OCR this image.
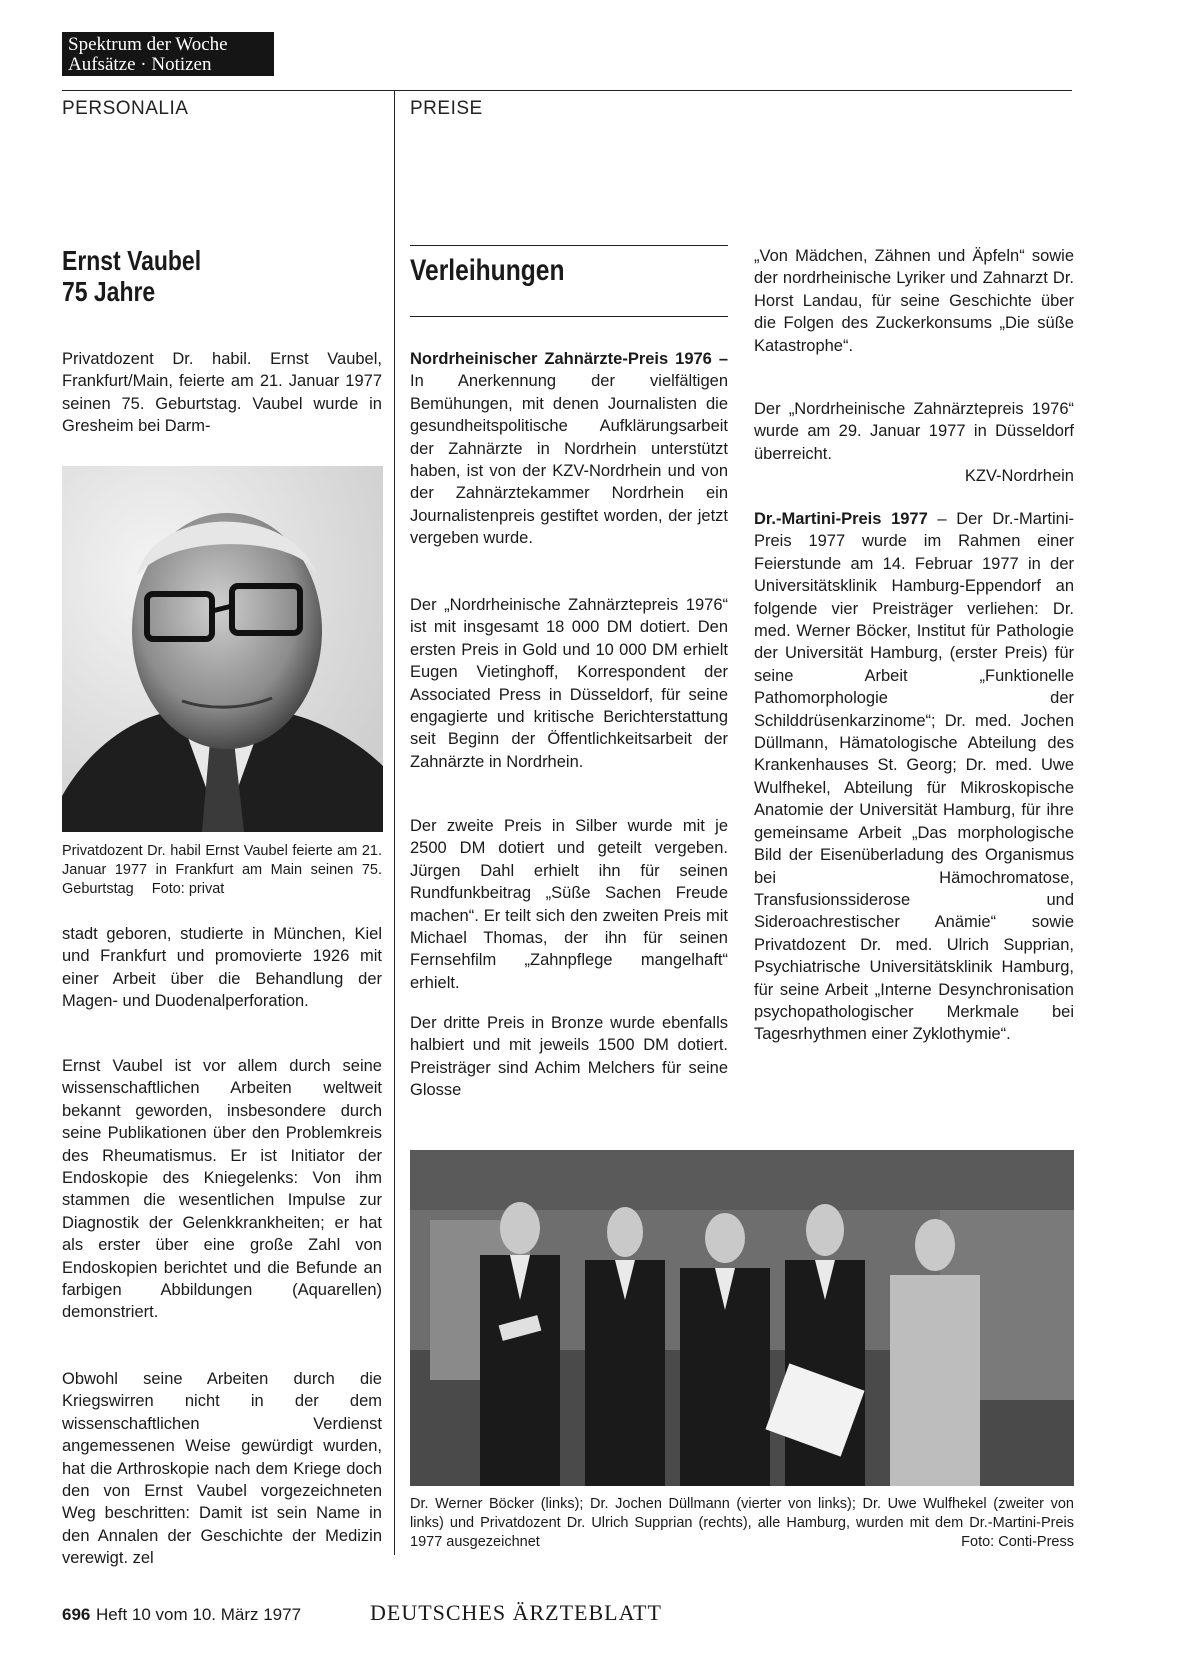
Spektrum der Woche
Aufsätze · Notizen
PERSONALIA	PREISE
Ernst Vaubel
75 Jahre
Privatdozent Dr. habil. Ernst Vaubel, Frankfurt/Main, feierte am 21. Januar 1977 seinen 75. Geburtstag. Vaubel wurde in Gresheim bei Darm-
Privatdozent Dr. habil Ernst Vaubel feierte am 21. Januar 1977 in Frankfurt am Main seinen 75. Geburtstag Foto: privat
stadt geboren, studierte in München, Kiel und Frankfurt und promovierte 1926 mit einer Arbeit über die Behandlung der Magen- und Duodenalperforation.
Ernst Vaubel ist vor allem durch seine wissenschaftlichen Arbeiten weltweit bekannt geworden, insbesondere durch seine Publikationen über den Problemkreis des Rheumatismus. Er ist Initiator der Endoskopie des Kniegelenks: Von ihm stammen die wesentlichen Impulse zur Diagnostik der Gelenkkrankheiten; er hat als erster über eine große Zahl von Endoskopien berichtet und die Befunde an farbigen Abbildungen (Aquarellen) demonstriert.
Obwohl seine Arbeiten durch die Kriegswirren nicht in der dem wissenschaftlichen Verdienst angemessenen Weise gewürdigt wurden, hat die Arthroskopie nach dem Kriege doch den von Ernst Vaubel vorgezeichneten Weg beschritten: Damit ist sein Name in den Annalen der Geschichte der Medizin verewigt. zel
Verleihungen
Nordrheinischer Zahnärzte-Preis 1976 – In Anerkennung der vielfältigen Bemühungen, mit denen Journalisten die gesundheitspolitische Aufklärungsarbeit der Zahnärzte in Nordrhein unterstützt haben, ist von der KZV-Nordrhein und von der Zahnärztekammer Nordrhein ein Journalistenpreis gestiftet worden, der jetzt vergeben wurde.
Der „Nordrheinische Zahnärztepreis 1976“ ist mit insgesamt 18 000 DM dotiert. Den ersten Preis in Gold und 10 000 DM erhielt Eugen Vietinghoff, Korrespondent der Associated Press in Düsseldorf, für seine engagierte und kritische Berichterstattung seit Beginn der Öffentlichkeitsarbeit der Zahnärzte in Nordrhein.
Der zweite Preis in Silber wurde mit je 2500 DM dotiert und geteilt vergeben. Jürgen Dahl erhielt ihn für seinen Rundfunkbeitrag „Süße Sachen Freude machen“. Er teilt sich den zweiten Preis mit Michael Thomas, der ihn für seinen Fernsehfilm „Zahnpflege mangelhaft“ erhielt.
Der dritte Preis in Bronze wurde ebenfalls halbiert und mit jeweils 1500 DM dotiert. Preisträger sind Achim Melchers für seine Glosse
„Von Mädchen, Zähnen und Äpfeln“ sowie der nordrheinische Lyriker und Zahnarzt Dr. Horst Landau, für seine Geschichte über die Folgen des Zuckerkonsums „Die süße Katastrophe“.
Der „Nordrheinische Zahnärztepreis 1976“ wurde am 29. Januar 1977 in Düsseldorf überreicht.
KZV-Nordrhein
Dr.-Martini-Preis 1977 – Der Dr.-Martini-Preis 1977 wurde im Rahmen einer Feierstunde am 14. Februar 1977 in der Universitätsklinik Hamburg-Eppendorf an folgende vier Preisträger verliehen: Dr. med. Werner Böcker, Institut für Pathologie der Universität Hamburg, (erster Preis) für seine Arbeit „Funktionelle Pathomorphologie der Schilddrüsenkarzinome“; Dr. med. Jochen Düllmann, Hämatologische Abteilung des Krankenhauses St. Georg; Dr. med. Uwe Wulfhekel, Abteilung für Mikroskopische Anatomie der Universität Hamburg, für ihre gemeinsame Arbeit „Das morphologische Bild der Eisenüberladung des Organismus bei Hämochromatose, Transfusionssiderose und Sideroachrestischer Anämie“ sowie Privatdozent Dr. med. Ulrich Supprian, Psychiatrische Universitätsklinik Hamburg, für seine Arbeit „Interne Desynchronisation psychopathologischer Merkmale bei Tagesrhythmen einer Zyklothymie“.
Dr. Werner Böcker (links); Dr. Jochen Düllmann (vierter von links); Dr. Uwe Wulfhekel (zweiter von links) und Privatdozent Dr. Ulrich Supprian (rechts), alle Hamburg, wurden mit dem Dr.-Martini-Preis 1977 ausgezeichnet	Foto: Conti-Press
696 Heft 10 vom 10. März 1977	DEUTSCHES ÄRZTEBLATT
